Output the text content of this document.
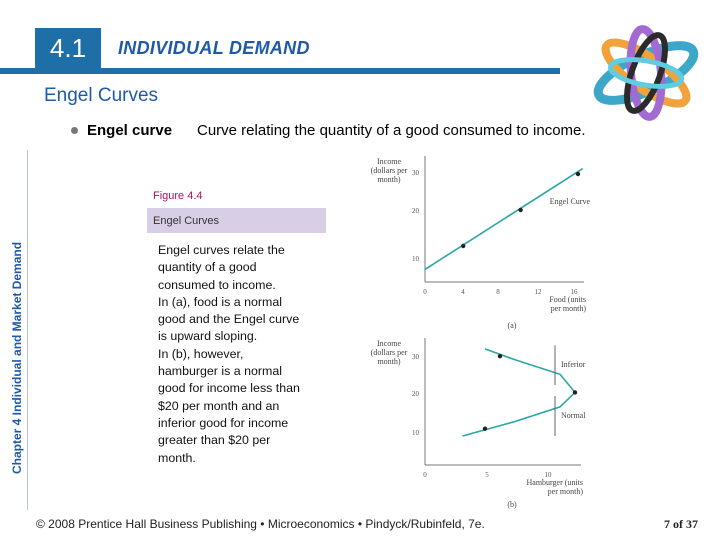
4.1	INDIVIDUAL DEMAND
Engel Curves
Engel curve Curve relating the quantity of a good consumed to income.
Chapter 4 Individual and Market Demand
Figure 4.4
Engel Curves
Engel curves relate the
quantity of a good
consumed to income.
In (a), food is a normal
good and the Engel curve
is upward sloping.
In (b), however,
hamburger is a normal
good for income less than
$20 per month and an
inferior good for income
greater than $20 per
month.
0	4	8	12	16
10
20
30
Income
(dollars per
month)
Food (units
per month)
(a)
Engel Curve
0	5	10
10
20
30
Income
(dollars per
month)
Hamburger (units
per month)
(b)
Inferior
Normal
© 2008 Prentice Hall Business Publishing • Microeconomics • Pindyck/Rubinfeld, 7e.	7 of 37
